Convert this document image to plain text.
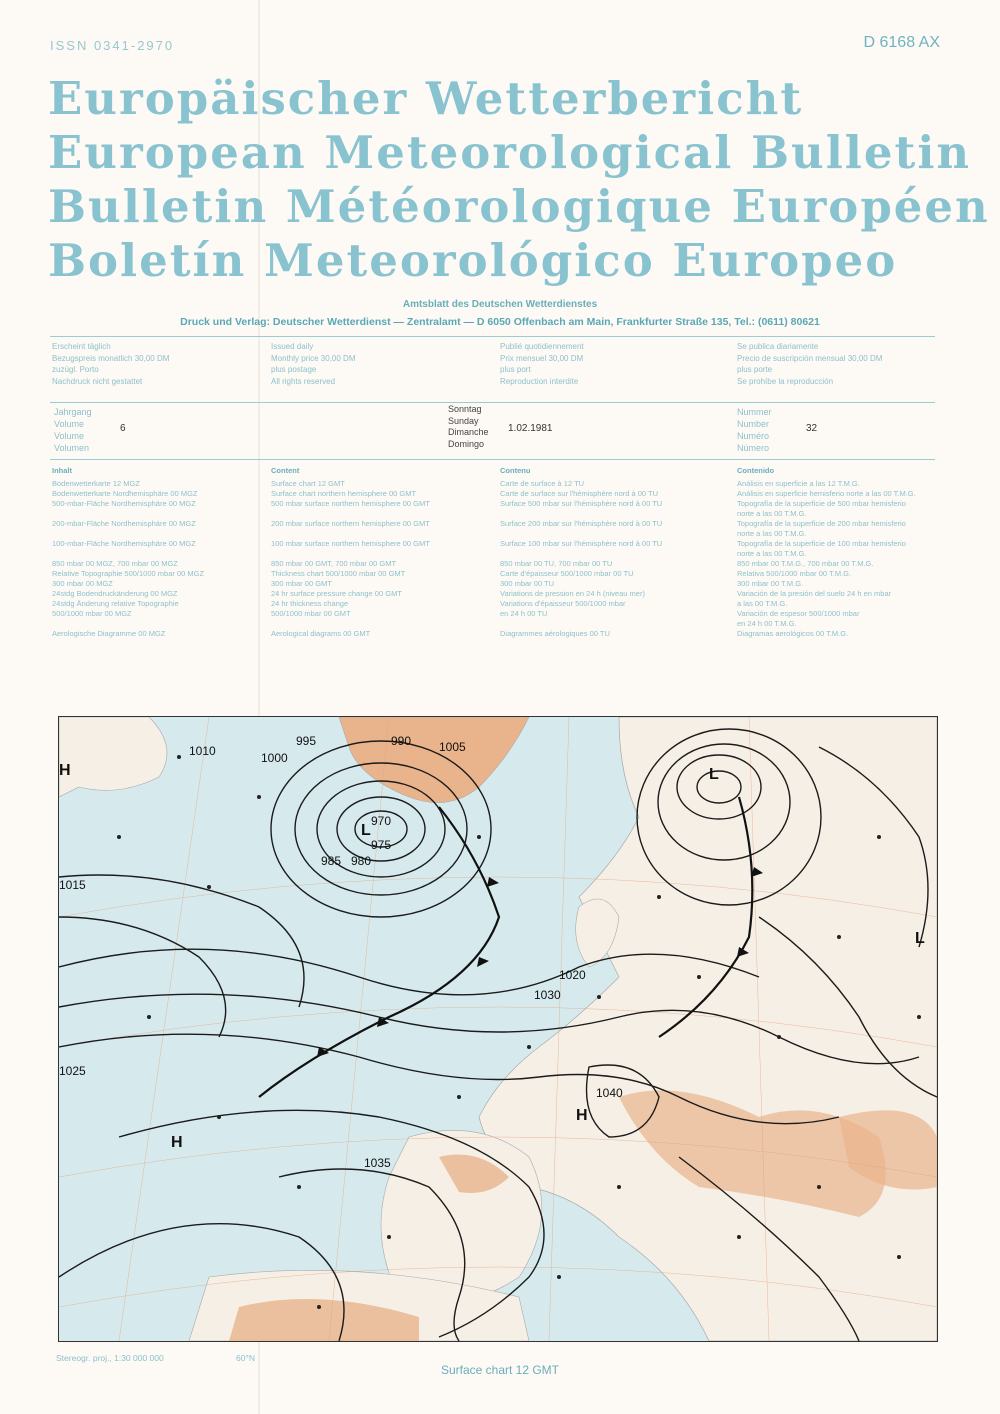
ISSN 0341-2970	D 6168 AX
Europäischer Wetterbericht
European Meteorological Bulletin
Bulletin Météorologique Européen
Boletín Meteorológico Europeo
Amtsblatt des Deutschen Wetterdienstes
Druck und Verlag: Deutscher Wetterdienst — Zentralamt — D 6050 Offenbach am Main, Frankfurter Straße 135, Tel.: (0611) 80621
Erscheint täglich
Bezugspreis monatlich 30,00 DM
zuzügl. Porto
Nachdruck nicht gestattet
Issued daily
Monthly price 30,00 DM
plus postage
All rights reserved
Publié quotidiennement
Prix mensuel 30,00 DM
plus port
Reproduction interdite
Se publica diariamente
Precio de suscripción mensual 30,00 DM
plus porte
Se prohíbe la reproducción
Jahrgang
Volume
Volume
Volumen
6
Sonntag
Sunday
Dimanche
Domingo
1.02.1981
Nummer
Number
Numéro
Número
32
Inhalt
Bodenwetterkarte 12 MGZ
Bodenwetterkarte Nordhemisphäre 00 MGZ
500-mbar-Fläche Nordhemisphäre 00 MGZ

200-mbar-Fläche Nordhemisphäre 00 MGZ

100-mbar-Fläche Nordhemisphäre 00 MGZ

850 mbar 00 MGZ, 700 mbar 00 MGZ
Relative Topographie 500/1000 mbar 00 MGZ
300 mbar 00 MGZ
24stdg Bodendruckänderung 00 MGZ
24stdg Änderung relative Topographie
500/1000 mbar 00 MGZ

Aerologische Diagramme 00 MGZ
Content
Surface chart 12 GMT
Surface chart northern hemisphere 00 GMT
500 mbar surface northern hemisphere 00 GMT

200 mbar surface northern hemisphere 00 GMT

100 mbar surface northern hemisphere 00 GMT

850 mbar 00 GMT, 700 mbar 00 GMT
Thickness chart 500/1000 mbar 00 GMT
300 mbar 00 GMT
24 hr surface pressure change 00 GMT
24 hr thickness change
500/1000 mbar 00 GMT

Aerological diagrams 00 GMT
Contenu
Carte de surface à 12 TU
Carte de surface sur l'hémisphère nord à 00 TU
Surface 500 mbar sur l'hémisphère nord à 00 TU

Surface 200 mbar sur l'hémisphère nord à 00 TU

Surface 100 mbar sur l'hémisphère nord à 00 TU

850 mbar 00 TU, 700 mbar 00 TU
Carte d'épaisseur 500/1000 mbar 00 TU
300 mbar 00 TU
Variations de pression en 24 h (niveau mer)
Variations d'épaisseur 500/1000 mbar
en 24 h 00 TU

Diagrammes aérologiques 00 TU
Contenido
Análisis en superficie a las 12 T.M.G.
Análisis en superficie hemisferio norte a las 00 T.M.G.
Topografía de la superficie de 500 mbar hemisferio
norte a las 00 T.M.G.
Topografía de la superficie de 200 mbar hemisferio
norte a las 00 T.M.G.
Topografía de la superficie de 100 mbar hemisferio
norte a las 00 T.M.G.
850 mbar 00 T.M.G., 700 mbar 00 T.M.G.
Relativa 500/1000 mbar 00 T.M.G.
300 mbar 00 T.M.G.
Variación de la presión del suelo 24 h en mbar
a las 00 T.M.G.
Variación de espesor 500/1000 mbar
en 24 h 00 T.M.G.
Diagramas aerológicos 00 T.M.G.
990
995
1000
1005
1010
1015
1020
1025
1030
1035
1040
970
975
980
985
L
H
H
H
L
L
Stereogr. proj., 1:30 000 000	60°N
Surface chart 12 GMT
